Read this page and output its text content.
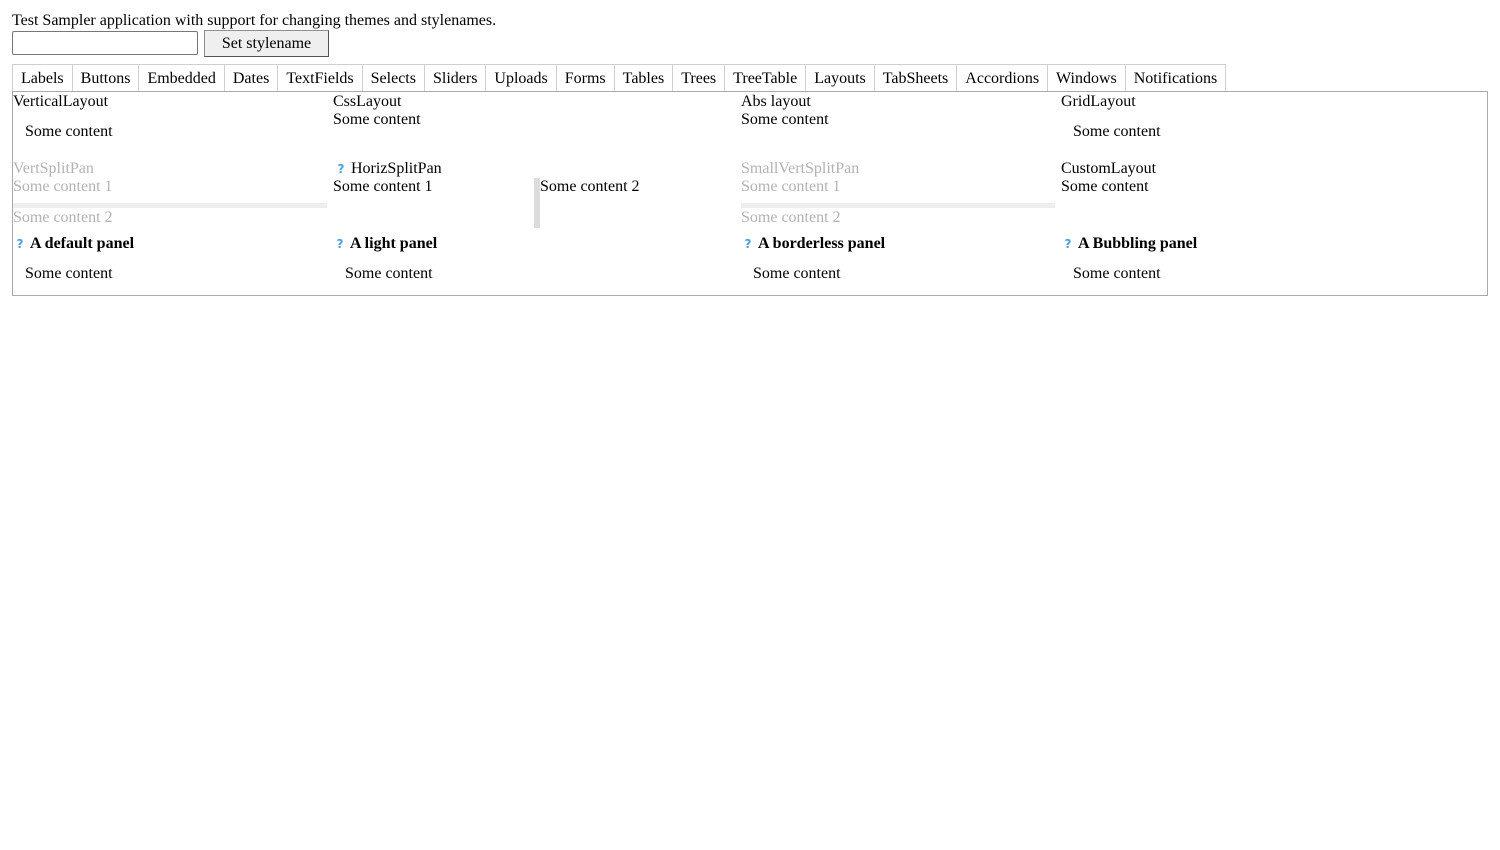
Test Sampler application with support for changing themes and stylenames.
Set stylename
Labels	Buttons	Embedded	Dates	TextFields	Selects	Sliders	Uploads	Forms	Tables	Trees	TreeTable	Layouts	TabSheets	Accordions	Windows	Notifications
VerticalLayout
Some content
CssLayout
Some content
Abs layout
Some content
GridLayout
Some content
VertSplitPan
Some content 1
Some content 2
? HorizSplitPan
Some content 1	Some content 2
SmallVertSplitPan
Some content 1
Some content 2
CustomLayout
Some content
? A default panel
Some content
? A light panel
Some content
? A borderless panel
Some content
? A Bubbling panel
Some content
